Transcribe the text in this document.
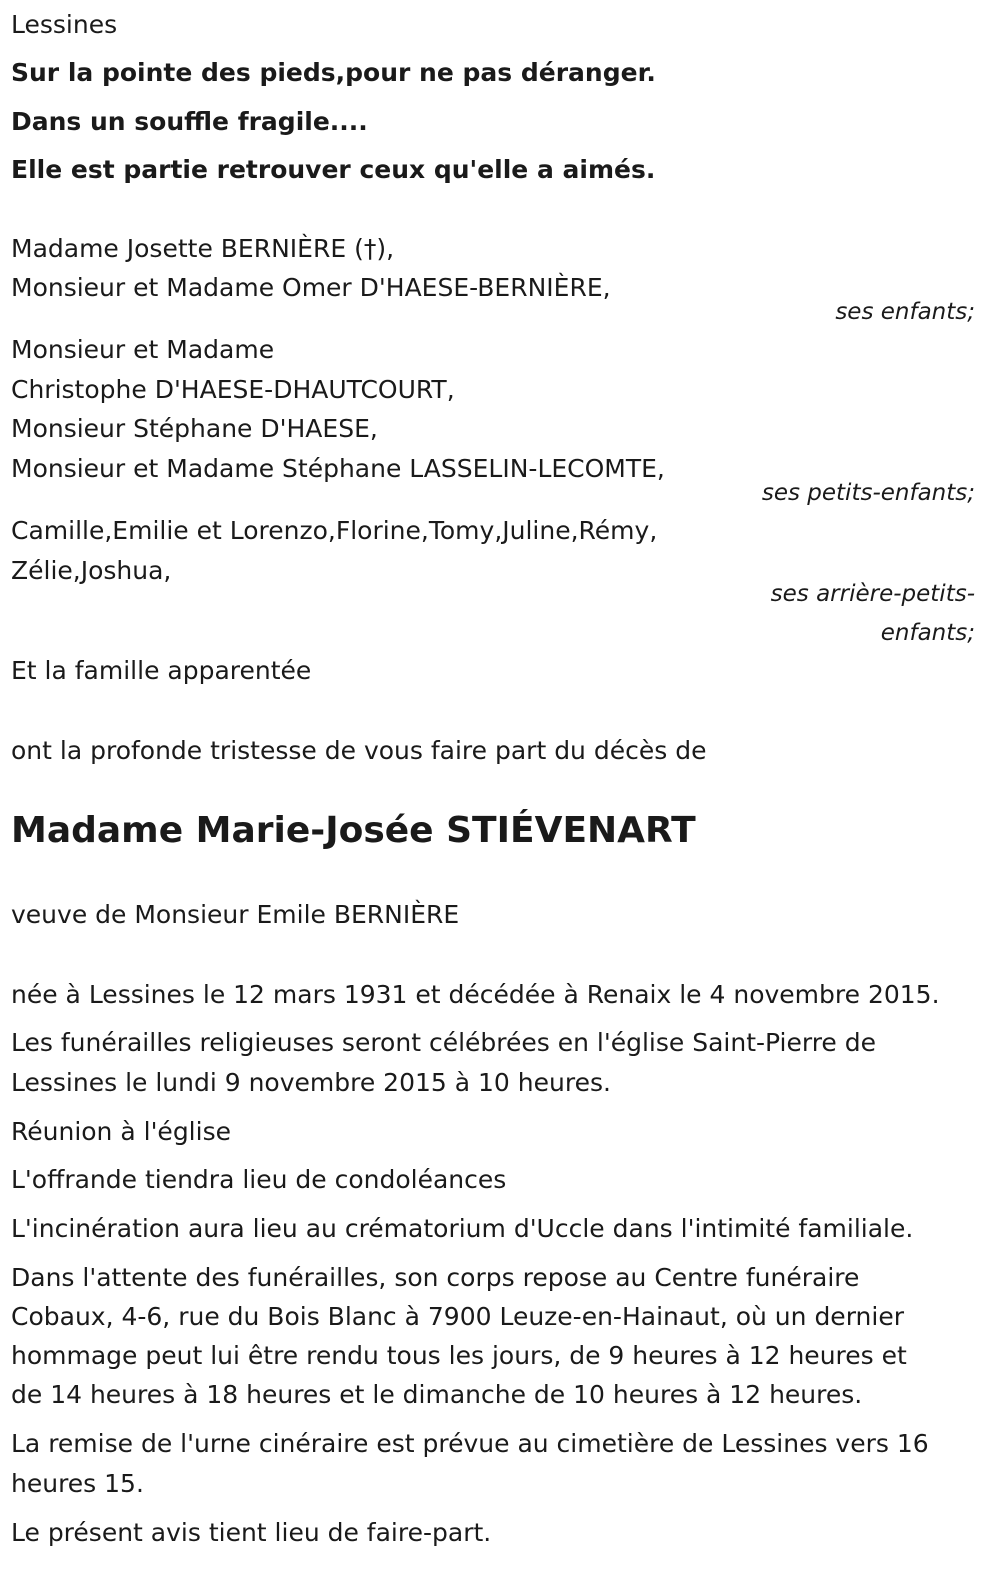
Lessines
Sur la pointe des pieds,pour ne pas déranger.
Dans un souffle fragile....
Elle est partie retrouver ceux qu'elle a aimés.
Madame Josette BERNIÈRE (†),
Monsieur et Madame Omer D'HAESE-BERNIÈRE,
ses enfants;
Monsieur et Madame
Christophe D'HAESE-DHAUTCOURT,
Monsieur Stéphane D'HAESE,
Monsieur et Madame Stéphane LASSELIN-LECOMTE,
ses petits-enfants;
Camille,Emilie et Lorenzo,Florine,Tomy,Juline,Rémy,
Zélie,Joshua,
ses arrière-petits-
enfants;
Et la famille apparentée
ont la profonde tristesse de vous faire part du décès de
Madame Marie-Josée STIÉVENART
veuve de Monsieur Emile BERNIÈRE
née à Lessines le 12 mars 1931 et décédée à Renaix le 4 novembre 2015.
Les funérailles religieuses seront célébrées en l'église Saint-Pierre de
Lessines le lundi 9 novembre 2015 à 10 heures.
Réunion à l'église
L'offrande tiendra lieu de condoléances
L'incinération aura lieu au crématorium d'Uccle dans l'intimité familiale.
Dans l'attente des funérailles, son corps repose au Centre funéraire
Cobaux, 4-6, rue du Bois Blanc à 7900 Leuze-en-Hainaut, où un dernier
hommage peut lui être rendu tous les jours, de 9 heures à 12 heures et
de 14 heures à 18 heures et le dimanche de 10 heures à 12 heures.
La remise de l'urne cinéraire est prévue au cimetière de Lessines vers 16
heures 15.
Le présent avis tient lieu de faire-part.
